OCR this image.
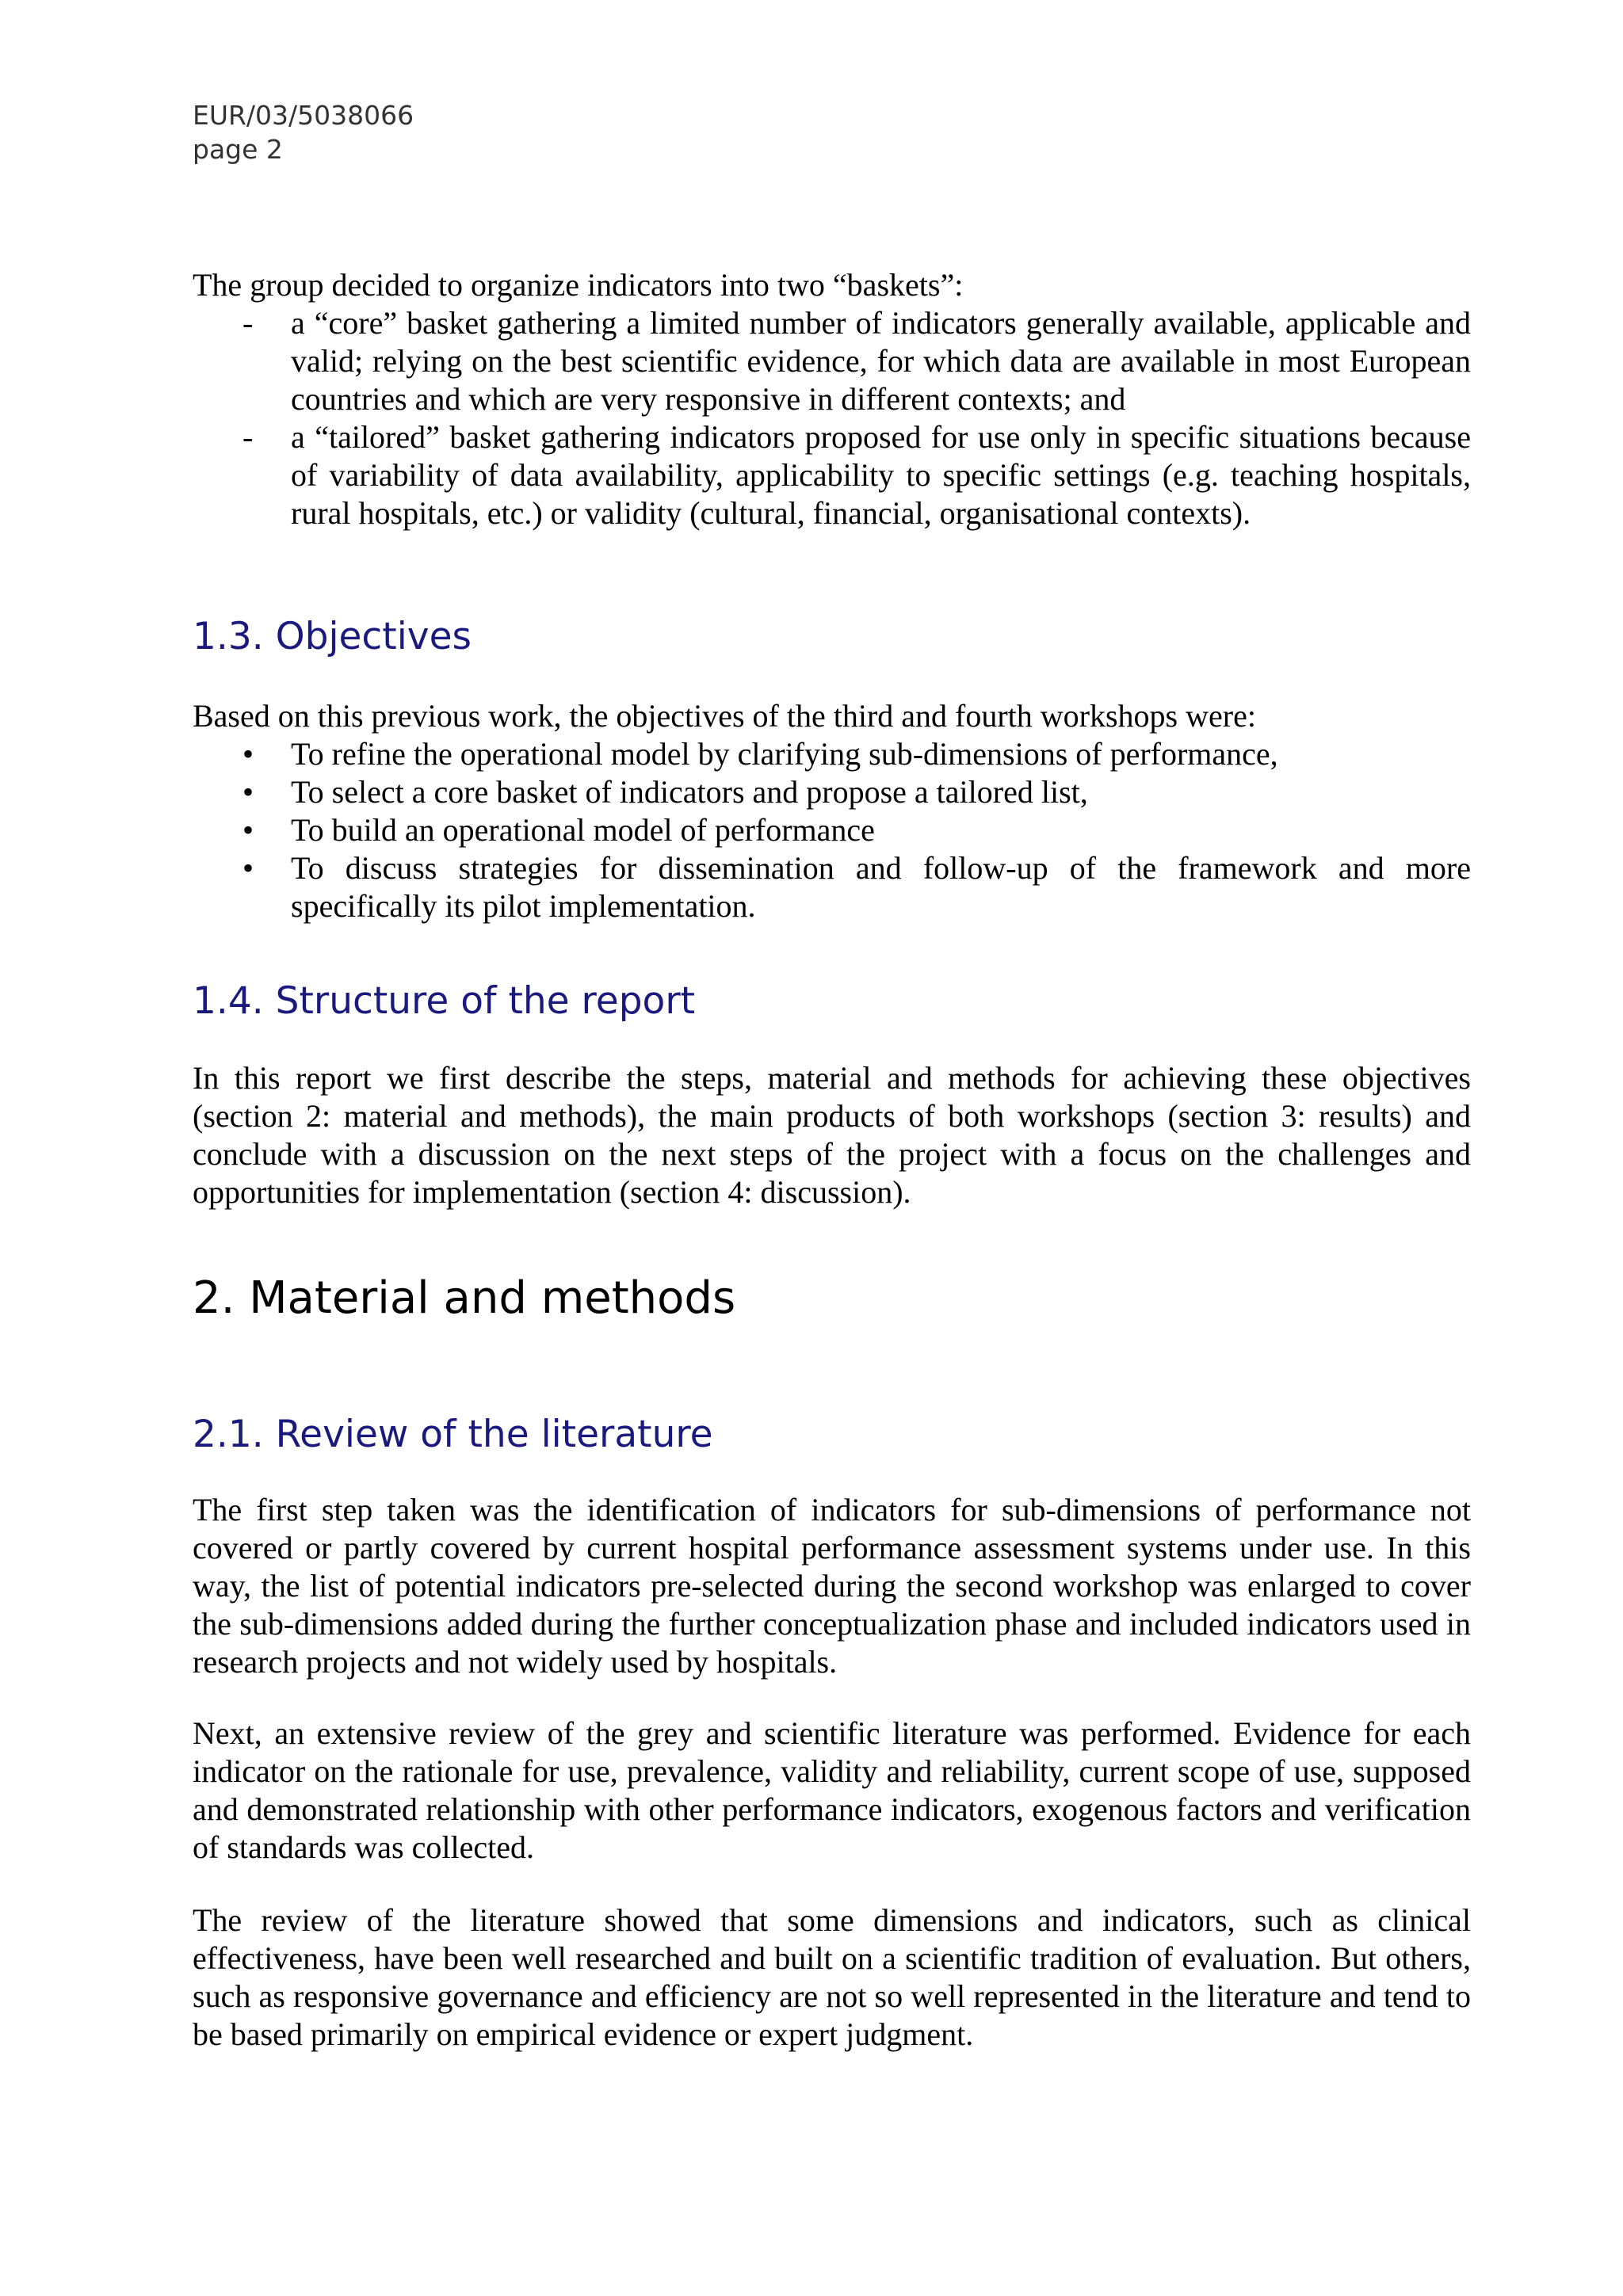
EUR/03/5038066
page 2

The group decided to organize indicators into two “baskets”:

- a “core” basket gathering a limited number of indicators generally available, applicable and valid; relying on the best scientific evidence, for which data are available in most European countries and which are very responsive in different contexts; and
- a “tailored” basket gathering indicators proposed for use only in specific situations because of variability of data availability, applicability to specific settings (e.g. teaching hospitals, rural hospitals, etc.) or validity (cultural, financial, organisational contexts).
1.3. Objectives

Based on this previous work, the objectives of the third and fourth workshops were:

• To refine the operational model by clarifying sub-dimensions of performance,
• To select a core basket of indicators and propose a tailored list,
• To build an operational model of performance
• To discuss strategies for dissemination and follow-up of the framework and more specifically its pilot implementation.
1.4. Structure of the report

In this report we first describe the steps, material and methods for achieving these objectives (section 2: material and methods), the main products of both workshops (section 3: results) and conclude with a discussion on the next steps of the project with a focus on the challenges and opportunities for implementation (section 4: discussion).

2. Material and methods
2.1. Review of the literature

The first step taken was the identification of indicators for sub-dimensions of performance not covered or partly covered by current hospital performance assessment systems under use. In this way, the list of potential indicators pre-selected during the second workshop was enlarged to cover the sub-dimensions added during the further conceptualization phase and included indicators used in research projects and not widely used by hospitals.

Next, an extensive review of the grey and scientific literature was performed. Evidence for each indicator on the rationale for use, prevalence, validity and reliability, current scope of use, supposed and demonstrated relationship with other performance indicators, exogenous factors and verification of standards was collected.

The review of the literature showed that some dimensions and indicators, such as clinical effectiveness, have been well researched and built on a scientific tradition of evaluation. But others, such as responsive governance and efficiency are not so well represented in the literature and tend to be based primarily on empirical evidence or expert judgment.
